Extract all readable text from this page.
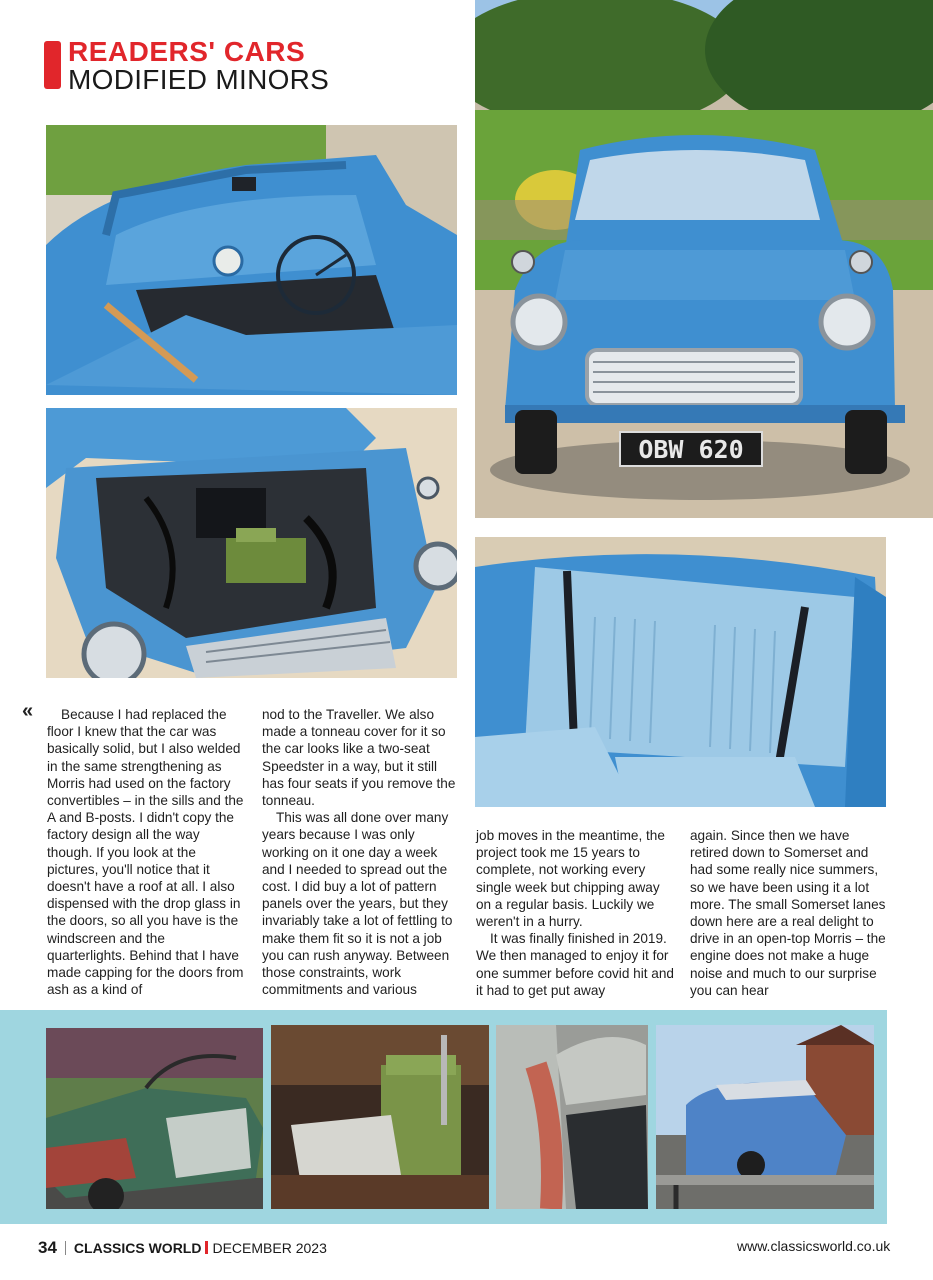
READERS' CARS
MODIFIED MINORS
OBW 620
«	Because I had replaced the floor I knew that the car was basically solid, but I also welded in the same strengthening as Morris had used on the factory convertibles – in the sills and the A and B-posts. I didn't copy the factory design all the way though. If you look at the pictures, you'll notice that it doesn't have a roof at all. I also dispensed with the drop glass in the doors, so all you have is the windscreen and the quarterlights. Behind that I have made capping for the doors from ash as a kind of

nod to the Traveller. We also made a tonneau cover for it so the car looks like a two-seat Speedster in a way, but it still has four seats if you remove the tonneau.

This was all done over many years because I was only working on it one day a week and I needed to spread out the cost. I did buy a lot of pattern panels over the years, but they invariably take a lot of fettling to make them fit so it is not a job you can rush anyway. Between those constraints, work commitments and various

job moves in the meantime, the project took me 15 years to complete, not working every single week but chipping away on a regular basis. Luckily we weren't in a hurry.

It was finally finished in 2019. We then managed to enjoy it for one summer before covid hit and it had to get put away

again. Since then we have retired down to Somerset and had some really nice summers, so we have been using it a lot more. The small Somerset lanes down here are a real delight to drive in an open-top Morris – the engine does not make a huge noise and much to our surprise you can hear

34 CLASSICS WORLD DECEMBER 2023	www.classicsworld.co.uk
